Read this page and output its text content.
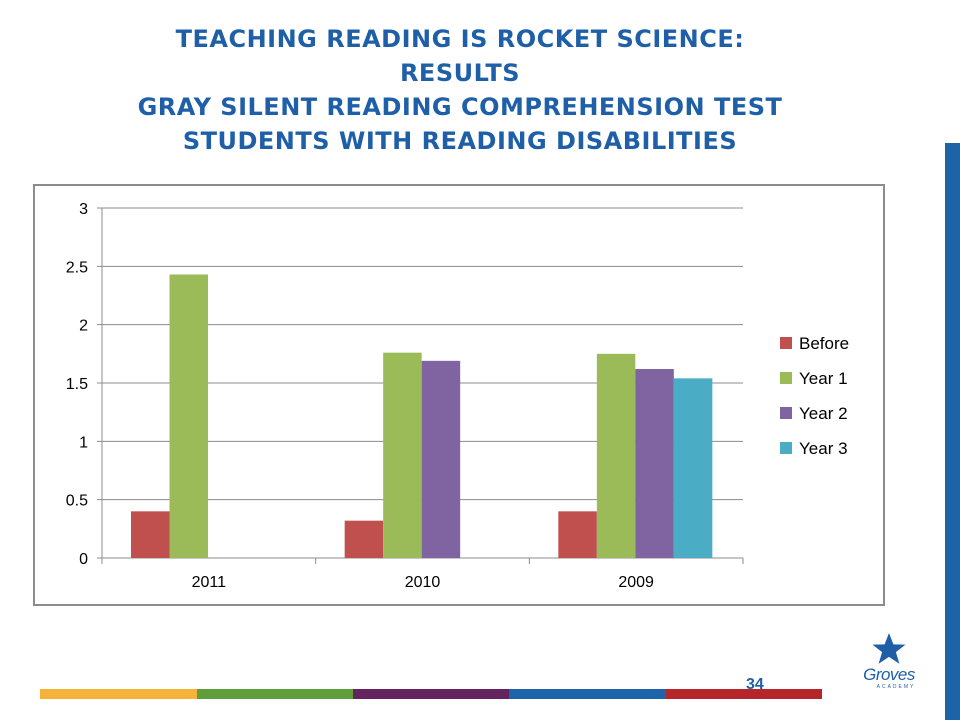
TEACHING READING IS ROCKET SCIENCE:
RESULTS
GRAY SILENT READING COMPREHENSION TEST
STUDENTS WITH READING DISABILITIES
0
0.5
1
1.5
2
2.5
3
2011	2010	2009
Before
Year 1
Year 2
Year 3
34
Groves
ACADEMY
